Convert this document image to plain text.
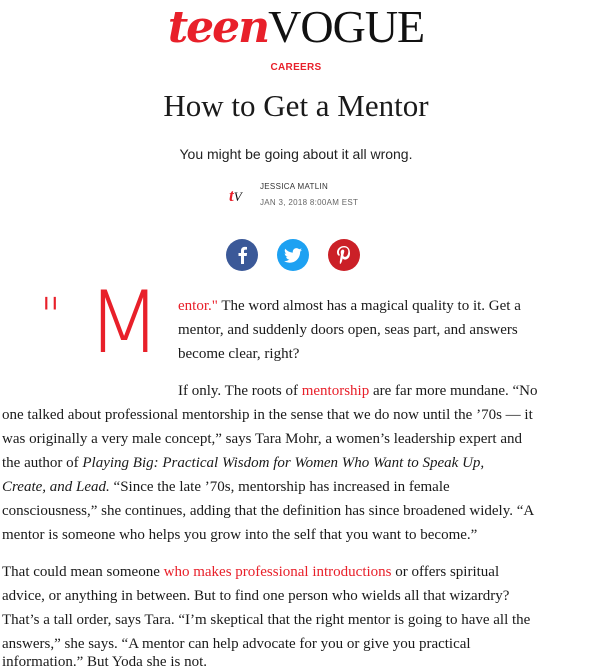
teenVOGUE
CAREERS
How to Get a Mentor
You might be going about it all wrong.
tV
JESSICA MATLIN
JAN 3, 2018 8:00AM EST
" M entor." The word almost has a magical quality to it. Get a
mentor, and suddenly doors open, seas part, and answers
become clear, right?
If only. The roots of mentorship are far more mundane. “No
one talked about professional mentorship in the sense that we do now until the ’70s — it
was originally a very male concept,” says Tara Mohr, a women’s leadership expert and
the author of Playing Big: Practical Wisdom for Women Who Want to Speak Up,
Create, and Lead. “Since the late ’70s, mentorship has increased in female
consciousness,” she continues, adding that the definition has since broadened widely. “A
mentor is someone who helps you grow into the self that you want to become.”
That could mean someone who makes professional introductions or offers spiritual
advice, or anything in between. But to find one person who wields all that wizardry?
That’s a tall order, says Tara. “I’m skeptical that the right mentor is going to have all the
answers,” she says. “A mentor can help advocate for you or give you practical
information.” But Yoda she is not.
